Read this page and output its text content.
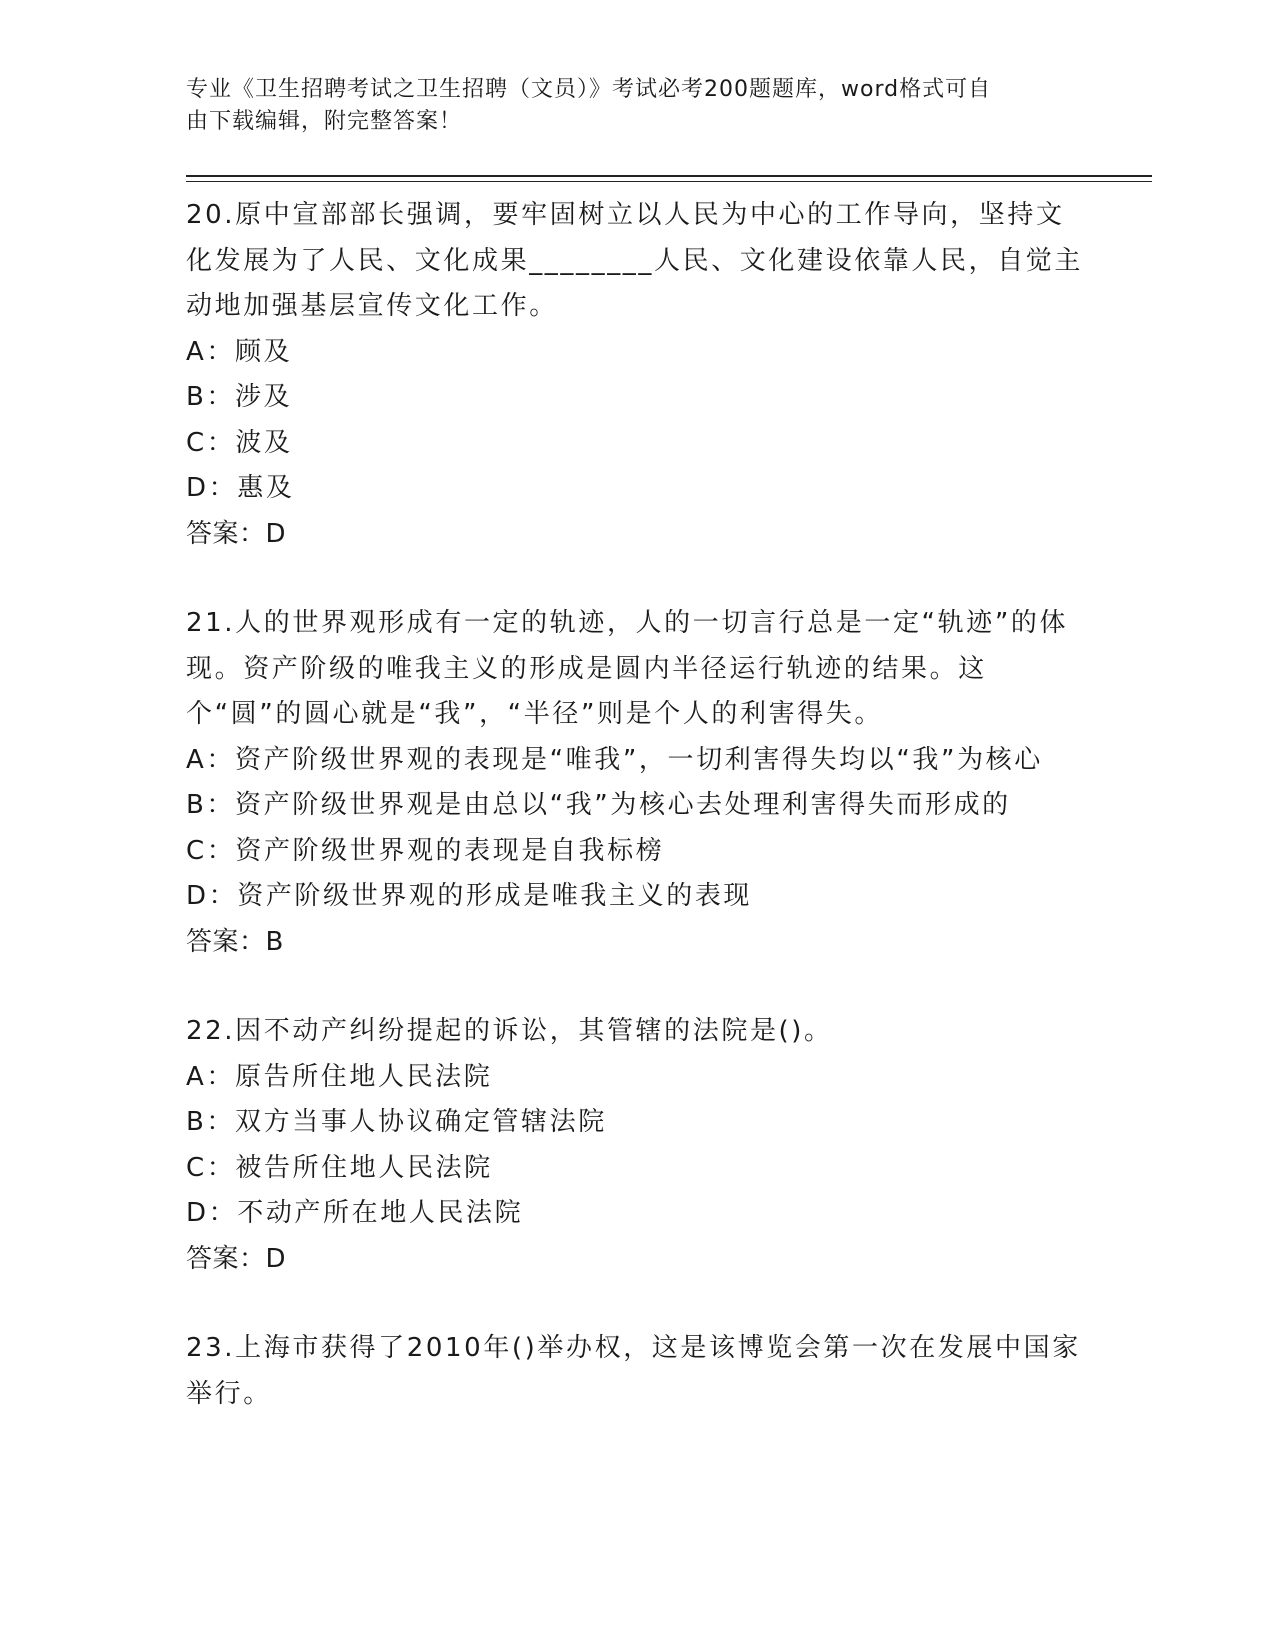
专业《卫生招聘考试之卫生招聘（文员）》考试必考200题题库，word格式可自
由下载编辑，附完整答案！

20.原中宣部部长强调，要牢固树立以人民为中心的工作导向，坚持文化发展为了人民、文化成果________人民、文化建设依靠人民，自觉主动地加强基层宣传文化工作。

A：顾及

B：涉及

C：波及

D：惠及

答案：D

21.人的世界观形成有一定的轨迹，人的一切言行总是一定“轨迹”的体现。资产阶级的唯我主义的形成是圆内半径运行轨迹的结果。这个“圆”的圆心就是“我”，“半径”则是个人的利害得失。

A：资产阶级世界观的表现是“唯我”，一切利害得失均以“我”为核心

B：资产阶级世界观是由总以“我”为核心去处理利害得失而形成的

C：资产阶级世界观的表现是自我标榜

D：资产阶级世界观的形成是唯我主义的表现

答案：B

22.因不动产纠纷提起的诉讼，其管辖的法院是()。

A：原告所住地人民法院

B：双方当事人协议确定管辖法院

C：被告所住地人民法院

D：不动产所在地人民法院

答案：D

23.上海市获得了2010年()举办权，这是该博览会第一次在发展中国家举行。
